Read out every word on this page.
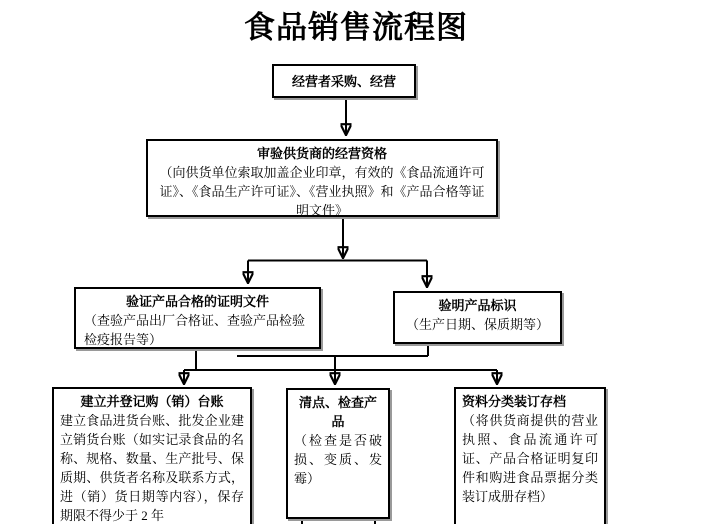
食品销售流程图
经营者采购、经营
审验供货商的经营资格
（向供货单位索取加盖企业印章，有效的《食品流通许可证》、《食品生产许可证》、《营业执照》和《产品合格等证明文件》
验证产品合格的证明文件
（查验产品出厂合格证、查验产品检验检疫报告等）
验明产品标识
（生产日期、保质期等）
建立并登记购（销）台账
建立食品进货台账、批发企业建立销货台账（如实记录食品的名称、规格、数量、生产批号、保质期、供货者名称及联系方式，进（销）货日期等内容），保存期限不得少于 2 年
清点、检查产品
（检查是否破损、变质、发霉）
资料分类装订存档
（将供货商提供的营业执照、食品流通许可证、产品合格证明复印件和购进食品票据分类装订成册存档）
